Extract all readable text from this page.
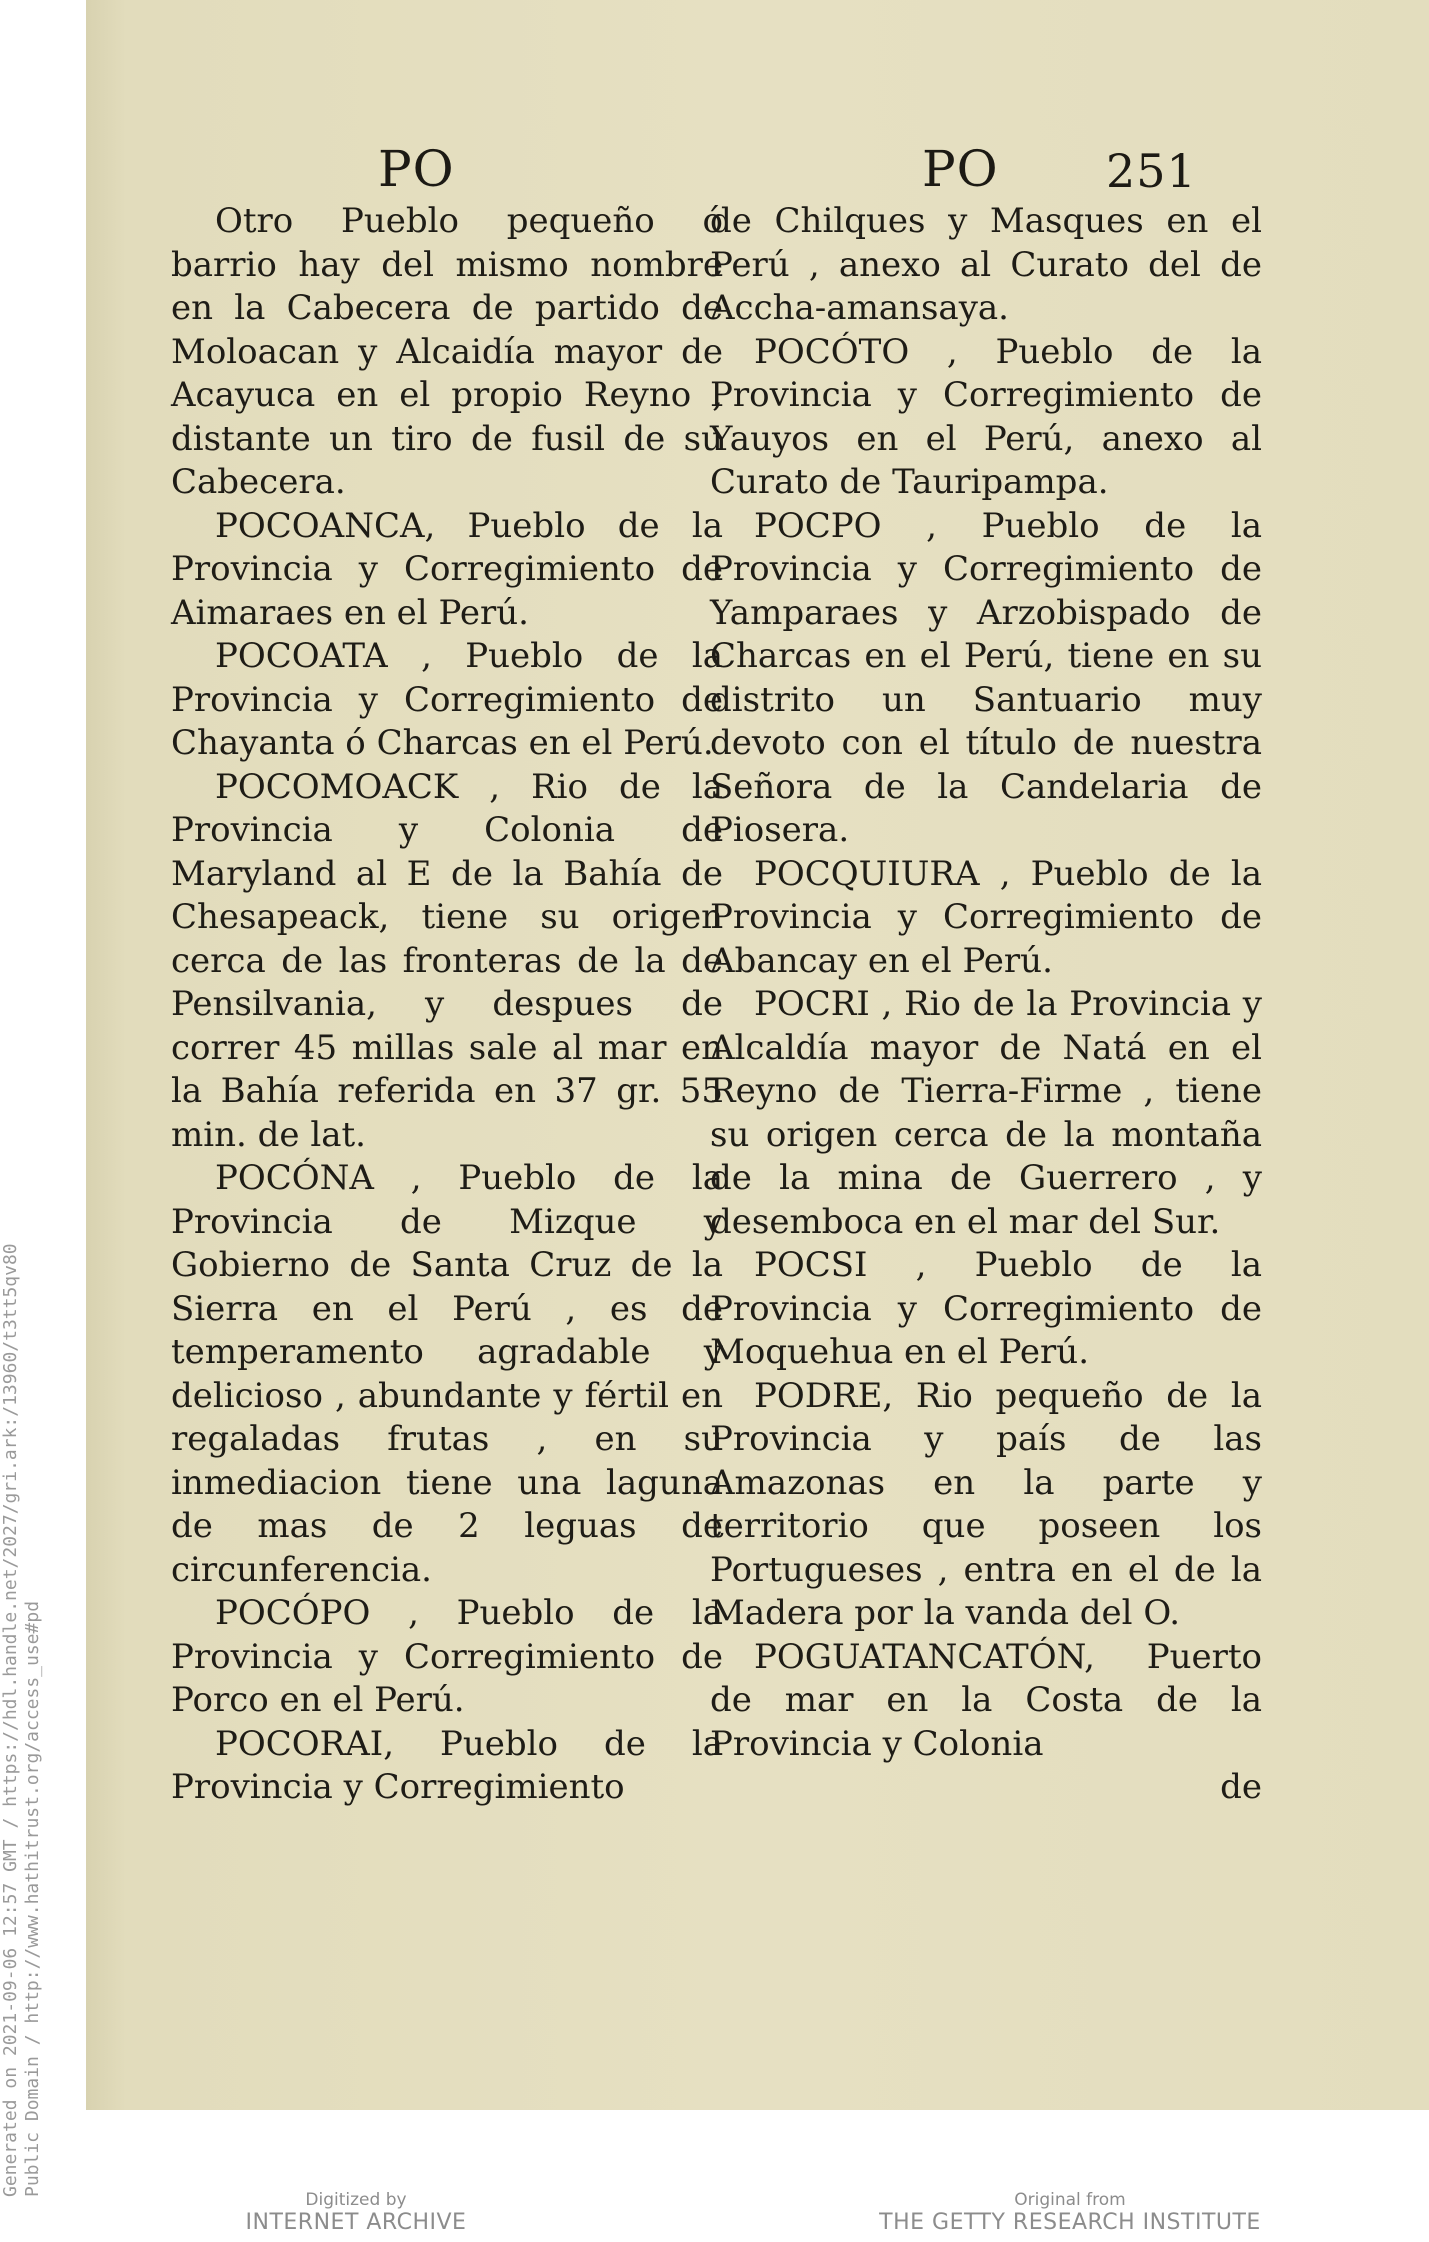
PO	PO 251

Otro Pueblo pequeño ó barrio hay del mismo nombre en la Cabecera de partido de Moloacan y Alcaidía mayor de Acayuca en el propio Reyno , distante un tiro de fusil de su Cabecera.

POCOANCA, Pueblo de la Provincia y Corregimiento de Aimaraes en el Perú.

POCOATA , Pueblo de la Provincia y Corregimiento de Chayanta ó Charcas en el Perú.

POCOMOACK , Rio de la Provincia y Colonia de Maryland al E de la Bahía de Chesapeack, tiene su origen cerca de las fronteras de la de Pensilvania, y despues de correr 45 millas sale al mar en la Bahía referida en 37 gr. 55 min. de lat.

POCÓNA , Pueblo de la Provincia de Mizque y Gobierno de Santa Cruz de la Sierra en el Perú , es de temperamento agradable y delicioso , abundante y fértil en regaladas frutas , en su inmediacion tiene una laguna de mas de 2 leguas de circunferencia.

POCÓPO , Pueblo de la Provincia y Corregimiento de Porco en el Perú.

POCORAI, Pueblo de la Provincia y Corregimiento

de Chilques y Masques en el Perú , anexo al Curato del de Accha-amansaya.

POCÓTO , Pueblo de la Provincia y Corregimiento de Yauyos en el Perú, anexo al Curato de Tauripampa.

POCPO , Pueblo de la Provincia y Corregimiento de Yamparaes y Arzobispado de Charcas en el Perú, tiene en su distrito un Santuario muy devoto con el título de nuestra Señora de la Candelaria de Piosera.

POCQUIURA , Pueblo de la Provincia y Corregimiento de Abancay en el Perú.

POCRI , Rio de la Provincia y Alcaldía mayor de Natá en el Reyno de Tierra-Firme , tiene su origen cerca de la montaña de la mina de Guerrero , y desemboca en el mar del Sur.

POCSI , Pueblo de la Provincia y Corregimiento de Moquehua en el Perú.

PODRE, Rio pequeño de la Provincia y país de las Amazonas en la parte y territorio que poseen los Portugueses , entra en el de la Madera por la vanda del O.

POGUATANCATÓN, Puerto de mar en la Costa de la Provincia y Colonia

de

Generated on 2021-09-06 12:57 GMT / https://hdl.handle.net/2027/gri.ark:/13960/t3tt5qv80 Public Domain / http://www.hathitrust.org/access_use#pd
Digitized by
INTERNET ARCHIVE
Original from
THE GETTY RESEARCH INSTITUTE
